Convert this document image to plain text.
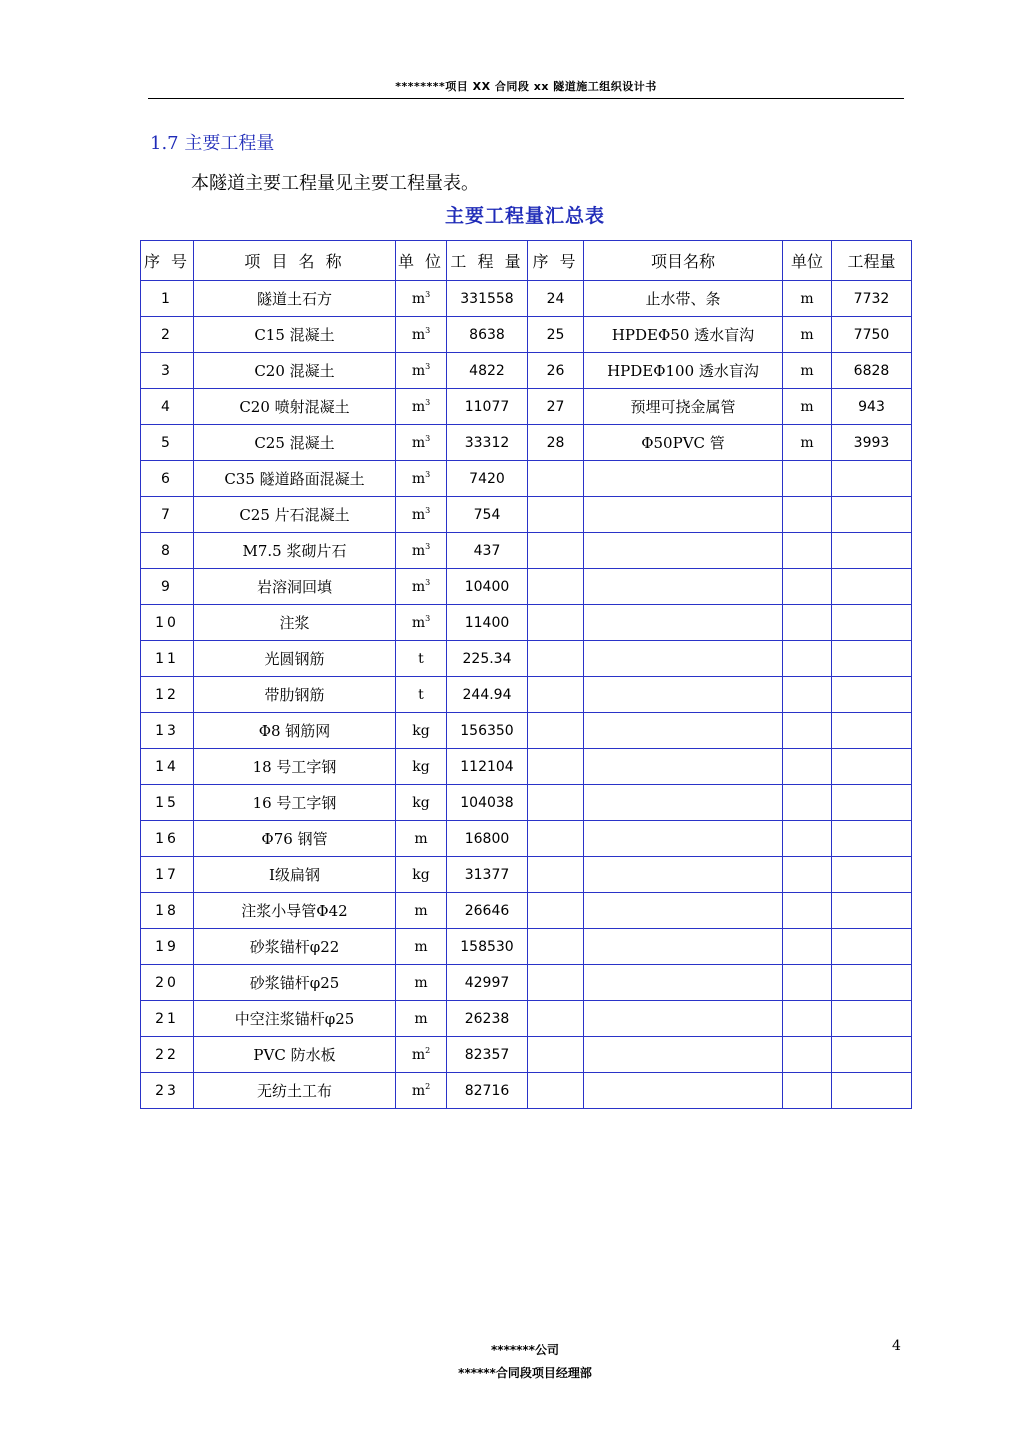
********项目 XX 合同段 xx 隧道施工组织设计书
1.7 主要工程量
本隧道主要工程量见主要工程量表。
主要工程量汇总表
序 号	项 目 名 称	单 位	工 程 量	序 号	项目名称	单位	工程量
1	隧道土石方	$m^3$	331558	24	止水带、条	m	7732
2	C15 混凝土	$m^3$	8638	25	HPDEΦ50 透水盲沟	m	7750
3	C20 混凝土	$m^3$	4822	26	HPDEΦ100 透水盲沟	m	6828
4	C20 喷射混凝土	$m^3$	11077	27	预埋可挠金属管	m	943
5	C25 混凝土	$m^3$	33312	28	Φ50PVC 管	m	3993
6	C35 隧道路面混凝土	$m^3$	7420				
7	C25 片石混凝土	$m^3$	754				
8	M7.5 浆砌片石	$m^3$	437				
9	岩溶洞回填	$m^3$	10400				
10	注浆	$m^3$	11400				
11	光圆钢筋	t	225.34				
12	带肋钢筋	t	244.94				
13	Φ8 钢筋网	kg	156350				
14	18 号工字钢	kg	112104				
15	16 号工字钢	kg	104038				
16	Φ76 钢管	m	16800				
17	Ⅰ级扁钢	kg	31377				
18	注浆小导管Φ42	m	26646				
19	砂浆锚杆φ22	m	158530				
20	砂浆锚杆φ25	m	42997				
21	中空注浆锚杆φ25	m	26238				
22	PVC 防水板	$m^2$	82357				
23	无纺土工布	$m^2$	82716				
4
*******公司
******合同段项目经理部
